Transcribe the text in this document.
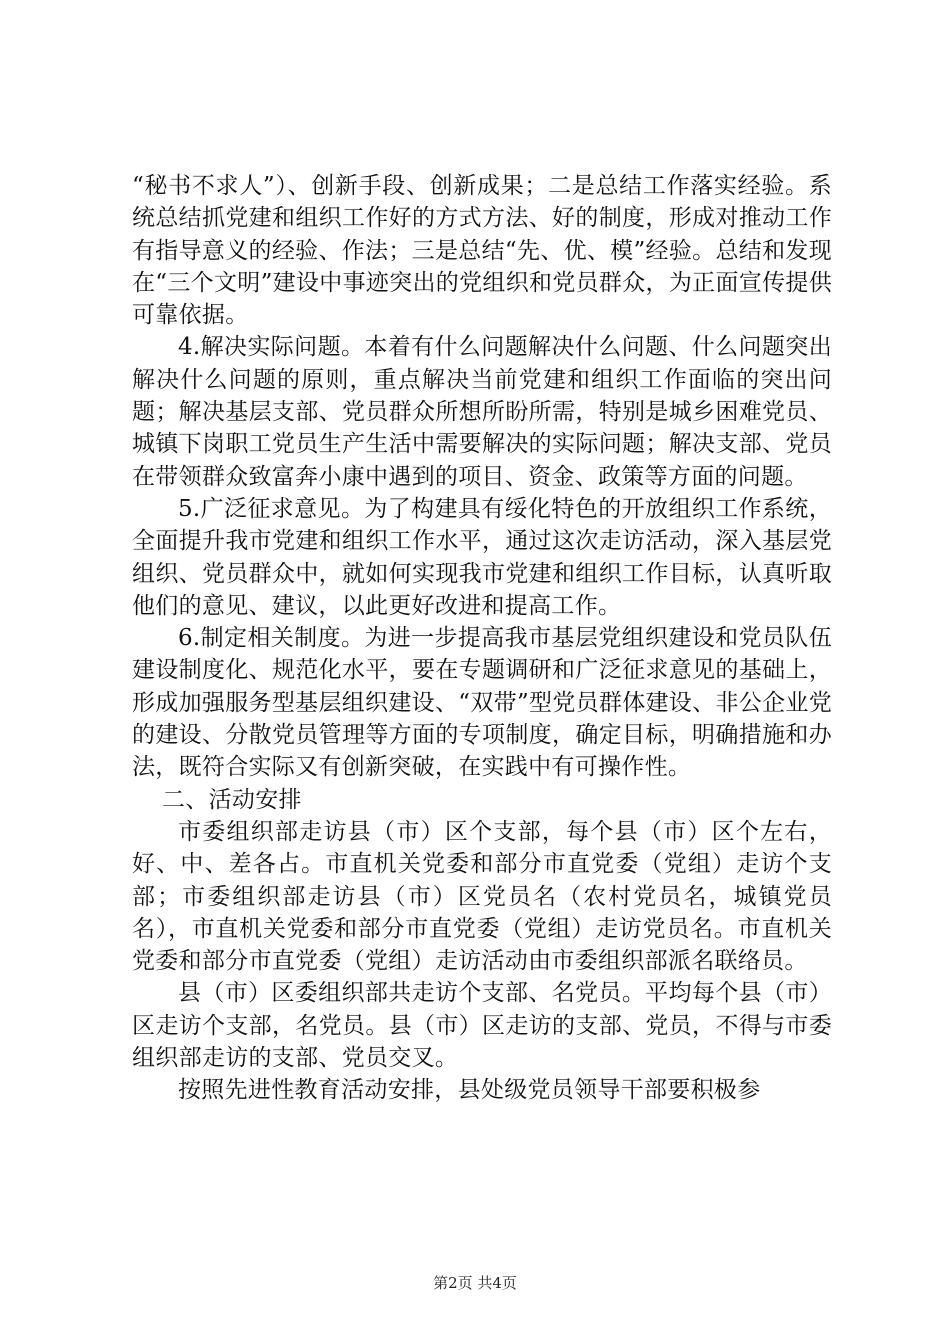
“秘书不求人”）、创新手段、创新成果；二是总结工作落实经验。系统总结抓党建和组织工作好的方式方法、好的制度，形成对推动工作有指导意义的经验、作法；三是总结“先、优、模”经验。总结和发现在“三个文明”建设中事迹突出的党组织和党员群众，为正面宣传提供可靠依据。

4.解决实际问题。本着有什么问题解决什么问题、什么问题突出解决什么问题的原则，重点解决当前党建和组织工作面临的突出问题；解决基层支部、党员群众所想所盼所需，特别是城乡困难党员、城镇下岗职工党员生产生活中需要解决的实际问题；解决支部、党员在带领群众致富奔小康中遇到的项目、资金、政策等方面的问题。

5.广泛征求意见。为了构建具有绥化特色的开放组织工作系统，全面提升我市党建和组织工作水平，通过这次走访活动，深入基层党组织、党员群众中，就如何实现我市党建和组织工作目标，认真听取他们的意见、建议，以此更好改进和提高工作。

6.制定相关制度。为进一步提高我市基层党组织建设和党员队伍建设制度化、规范化水平，要在专题调研和广泛征求意见的基础上，形成加强服务型基层组织建设、“双带”型党员群体建设、非公企业党的建设、分散党员管理等方面的专项制度，确定目标，明确措施和办法，既符合实际又有创新突破，在实践中有可操作性。

二、活动安排

市委组织部走访县（市）区个支部，每个县（市）区个左右，好、中、差各占。市直机关党委和部分市直党委（党组）走访个支部；市委组织部走访县（市）区党员名（农村党员名，城镇党员名），市直机关党委和部分市直党委（党组）走访党员名。市直机关党委和部分市直党委（党组）走访活动由市委组织部派名联络员。

县（市）区委组织部共走访个支部、名党员。平均每个县（市）区走访个支部，名党员。县（市）区走访的支部、党员，不得与市委组织部走访的支部、党员交叉。

按照先进性教育活动安排，县处级党员领导干部要积极参

第2页 共4页
